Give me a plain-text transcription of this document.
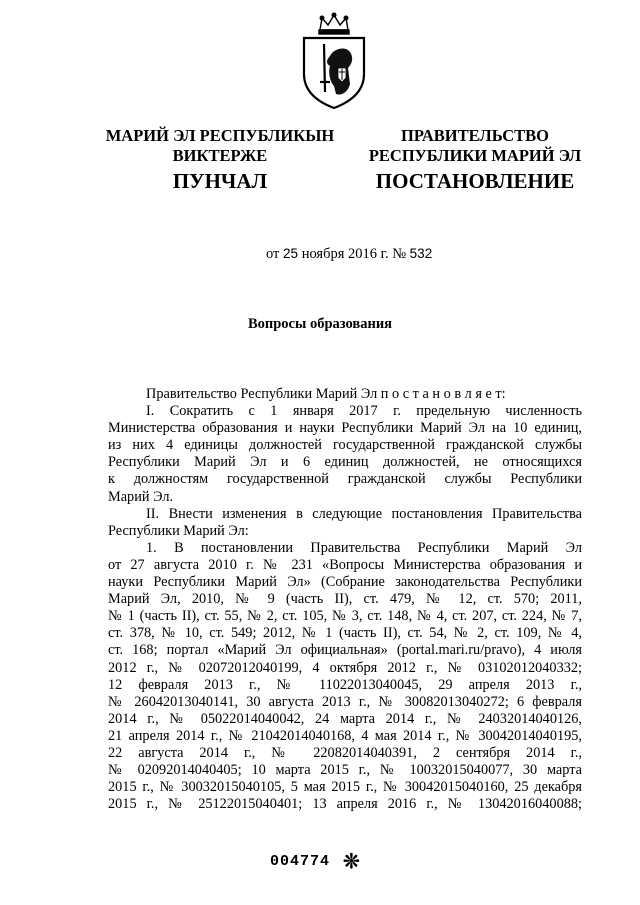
МАРИЙ ЭЛ РЕСПУБЛИКЫН
ВИКТЕРЖЕ
ПУНЧАЛ
ПРАВИТЕЛЬСТВО
РЕСПУБЛИКИ МАРИЙ ЭЛ
ПОСТАНОВЛЕНИЕ
от 25 ноября 2016 г. № 532
Вопросы образования
Правительство Республики Марий Эл п о с т а н о в л я е т:
I. Сократить с 1 января 2017 г. предельную численность
Министерства образования и науки Республики Марий Эл на 10 единиц,
из них 4 единицы должностей государственной гражданской службы
Республики Марий Эл и 6 единиц должностей, не относящихся
к должностям государственной гражданской службы Республики
Марий Эл.
II. Внести изменения в следующие постановления Правительства
Республики Марий Эл:
1. В постановлении Правительства Республики Марий Эл
от 27 августа 2010 г. № 231 «Вопросы Министерства образования и
науки Республики Марий Эл» (Собрание законодательства Республики
Марий Эл, 2010, № 9 (часть II), ст. 479, № 12, ст. 570; 2011,
№ 1 (часть II), ст. 55, № 2, ст. 105, № 3, ст. 148, № 4, ст. 207, ст. 224, № 7,
ст. 378, № 10, ст. 549; 2012, № 1 (часть II), ст. 54, № 2, ст. 109, № 4,
ст. 168; портал «Марий Эл официальная» (portal.mari.ru/pravo), 4 июля
2012 г., № 02072012040199, 4 октября 2012 г., № 03102012040332;
12 февраля 2013 г., № 11022013040045, 29 апреля 2013 г.,
№ 26042013040141, 30 августа 2013 г., № 30082013040272; 6 февраля
2014 г., № 05022014040042, 24 марта 2014 г., № 24032014040126,
21 апреля 2014 г., № 21042014040168, 4 мая 2014 г., № 30042014040195,
22 августа 2014 г., № 22082014040391, 2 сентября 2014 г.,
№ 02092014040405; 10 марта 2015 г., № 10032015040077, 30 марта
2015 г., № 30032015040105, 5 мая 2015 г., № 30042015040160, 25 декабря
2015 г., № 25122015040401; 13 апреля 2016 г., № 13042016040088;
004774 ❊
